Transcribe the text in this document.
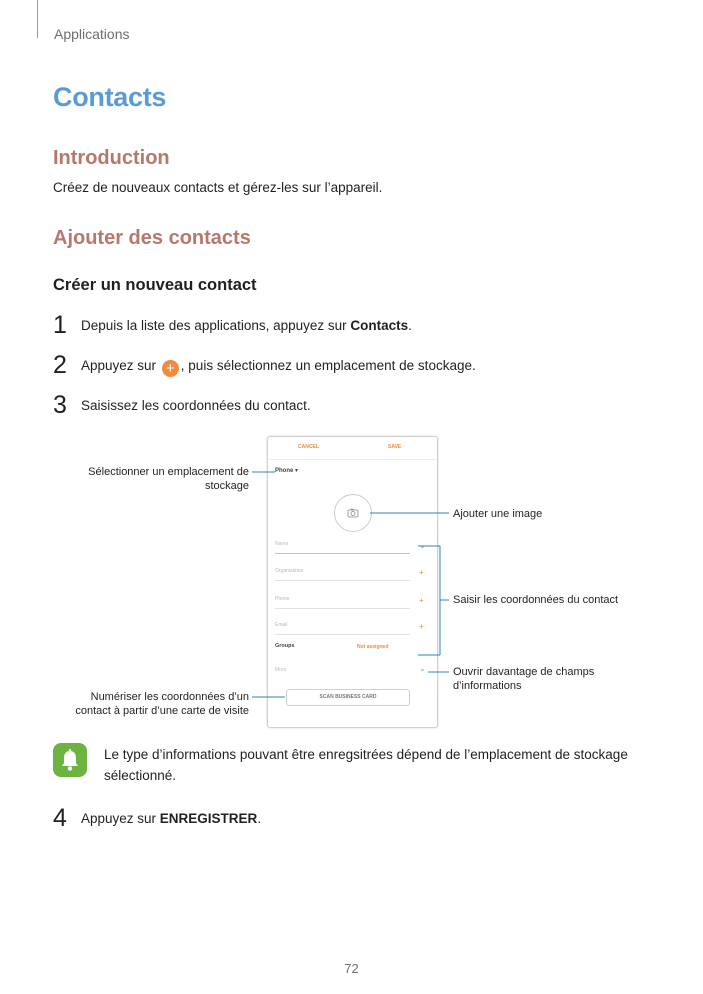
Applications
Contacts
Introduction
Créez de nouveaux contacts et gérez-les sur l’appareil.
Ajouter des contacts
Créer un nouveau contact
1 Depuis la liste des applications, appuyez sur Contacts.
2 Appuyez sur + , puis sélectionnez un emplacement de stockage.
3 Saisissez les coordonnées du contact.
CANCEL	SAVE
Phone ▾
Name	⌄
Organization	+
Phone	+
Email	+
Groups	Not assigned
More	⌄
SCAN BUSINESS CARD
Sélectionner un emplacement de stockage
Ajouter une image
Saisir les coordonnées du contact
Ouvrir davantage de champs d’informations
Numériser les coordonnées d’un contact à partir d’une carte de visite
Le type d’informations pouvant être enregsitrées dépend de l’emplacement de stockage sélectionné.
4 Appuyez sur ENREGISTRER.
72
